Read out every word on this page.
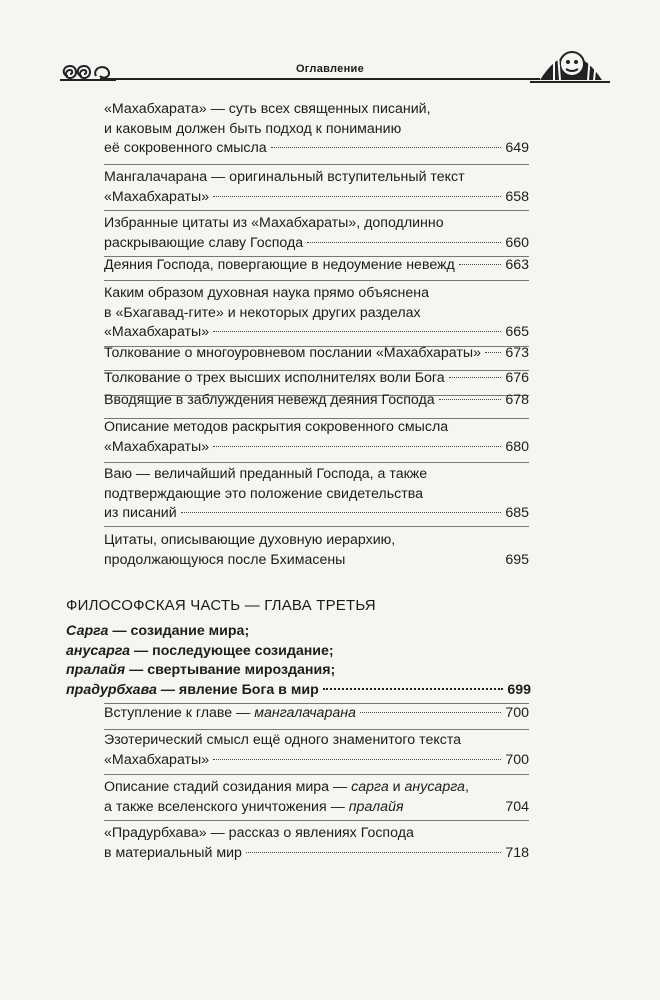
Оглавление
«Махабхарата» — суть всех священных писаний,
и каковым должен быть подход к пониманию
её сокровенного смысла	649
Мангалачарана — оригинальный вступительный текст
«Махабхараты»	658
Избранные цитаты из «Махабхараты», доподлинно
раскрывающие славу Господа	660
Деяния Господа, повергающие в недоумение невежд	663
Каким образом духовная наука прямо объяснена
в «Бхагавад-гите» и некоторых других разделах
«Махабхараты»	665
Толкование о многоуровневом послании «Махабхараты» 673
Толкование о трех высших исполнителях воли Бога	676
Вводящие в заблуждения невежд деяния Господа	678
Описание методов раскрытия сокровенного смысла
«Махабхараты»	680
Ваю — величайший преданный Господа, а также
подтверждающие это положение свидетельства
из писаний	685
Цитаты, описывающие духовную иерархию,
продолжающуюся после Бхимасены	695
ФИЛОСОФСКАЯ ЧАСТЬ — ГЛАВА ТРЕТЬЯ
Сарга — созидание мира;
анусарга — последующее созидание;
пралайя — свертывание мироздания;
прадурбхава — явление Бога в мир	699
Вступление к главе — мангалачарана	700
Эзотерический смысл ещё одного знаменитого текста
«Махабхараты»	700
Описание стадий созидания мира — сарга и анусарга,
а также вселенского уничтожения — пралайя	704
«Прадурбхава» — рассказ о явлениях Господа
в материальный мир	718
